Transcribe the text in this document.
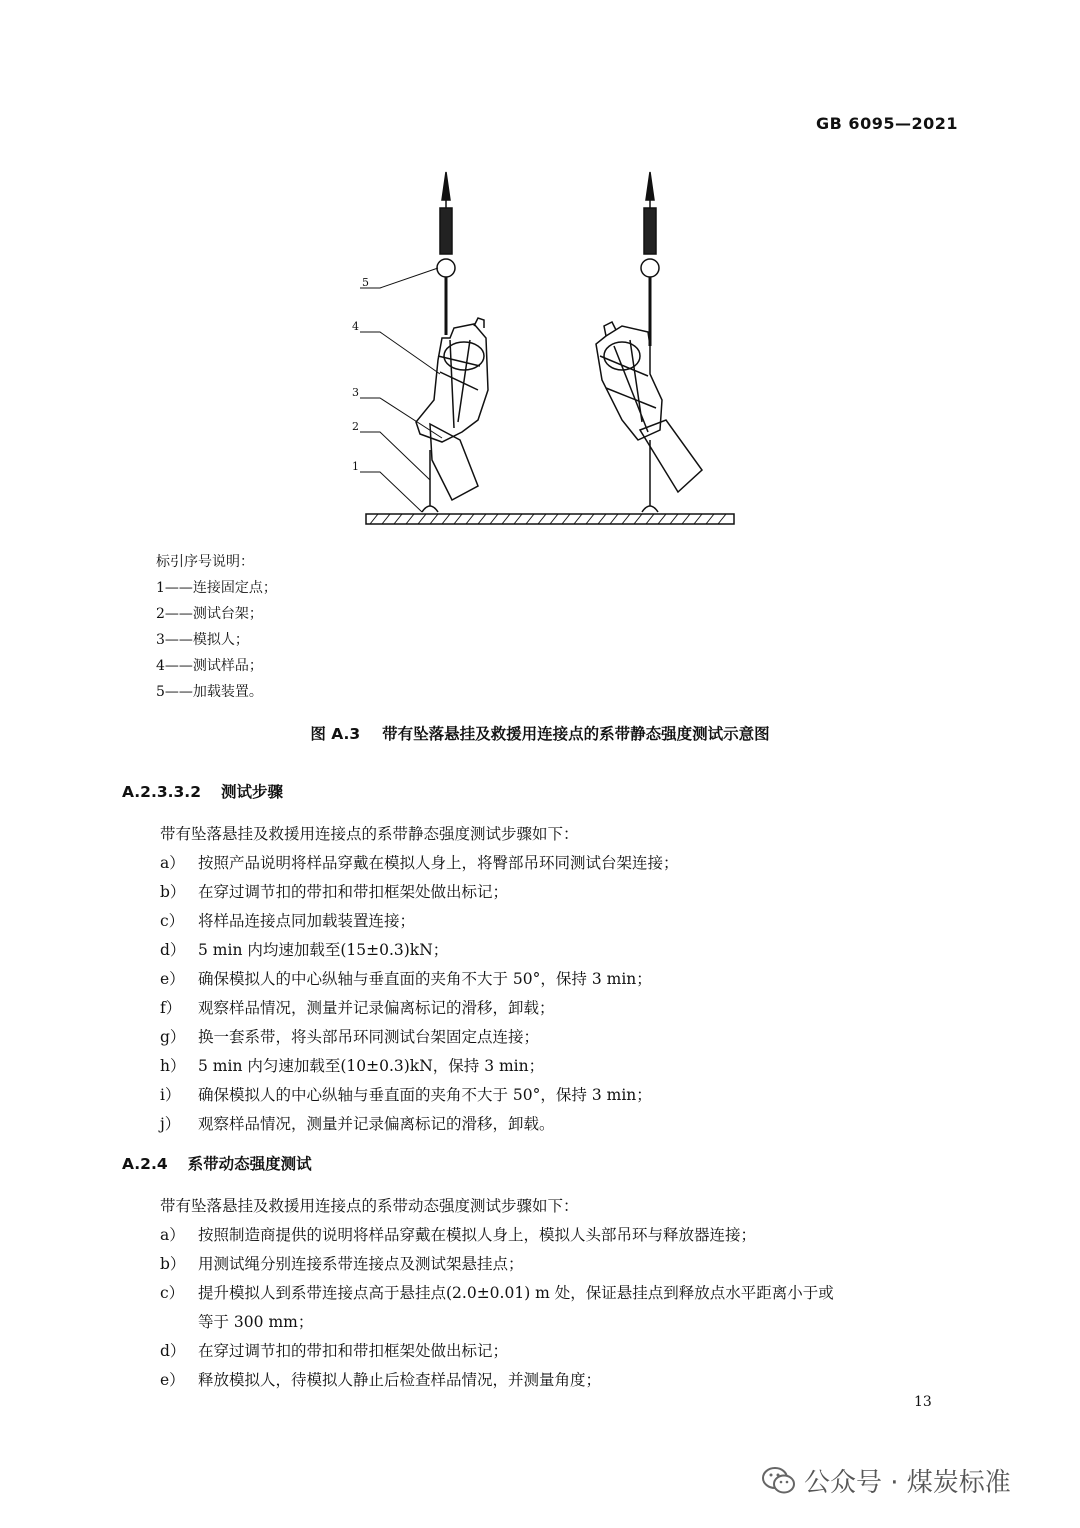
GB 6095—2021
5
4
3
2
1
标引序号说明：
1——连接固定点；
2——测试台架；
3——模拟人；
4——测试样品；
5——加载装置。
图 A.3 带有坠落悬挂及救援用连接点的系带静态强度测试示意图
A.2.3.3.2 测试步骤
带有坠落悬挂及救援用连接点的系带静态强度测试步骤如下：
a） 按照产品说明将样品穿戴在模拟人身上，将臀部吊环同测试台架连接；
b） 在穿过调节扣的带扣和带扣框架处做出标记；
c） 将样品连接点同加载装置连接；
d） 5 min 内均速加载至(15±0.3)kN；
e） 确保模拟人的中心纵轴与垂直面的夹角不大于 50°，保持 3 min；
f） 观察样品情况，测量并记录偏离标记的滑移，卸载；
g） 换一套系带，将头部吊环同测试台架固定点连接；
h） 5 min 内匀速加载至(10±0.3)kN，保持 3 min；
i） 确保模拟人的中心纵轴与垂直面的夹角不大于 50°，保持 3 min；
j） 观察样品情况，测量并记录偏离标记的滑移，卸载。
A.2.4 系带动态强度测试
带有坠落悬挂及救援用连接点的系带动态强度测试步骤如下：
a） 按照制造商提供的说明将样品穿戴在模拟人身上，模拟人头部吊环与释放器连接；
b） 用测试绳分别连接系带连接点及测试架悬挂点；
c） 提升模拟人到系带连接点高于悬挂点(2.0±0.01) m 处，保证悬挂点到释放点水平距离小于或
等于 300 mm；
d） 在穿过调节扣的带扣和带扣框架处做出标记；
e） 释放模拟人，待模拟人静止后检查样品情况，并测量角度；
13
公众号 · 煤炭标准
